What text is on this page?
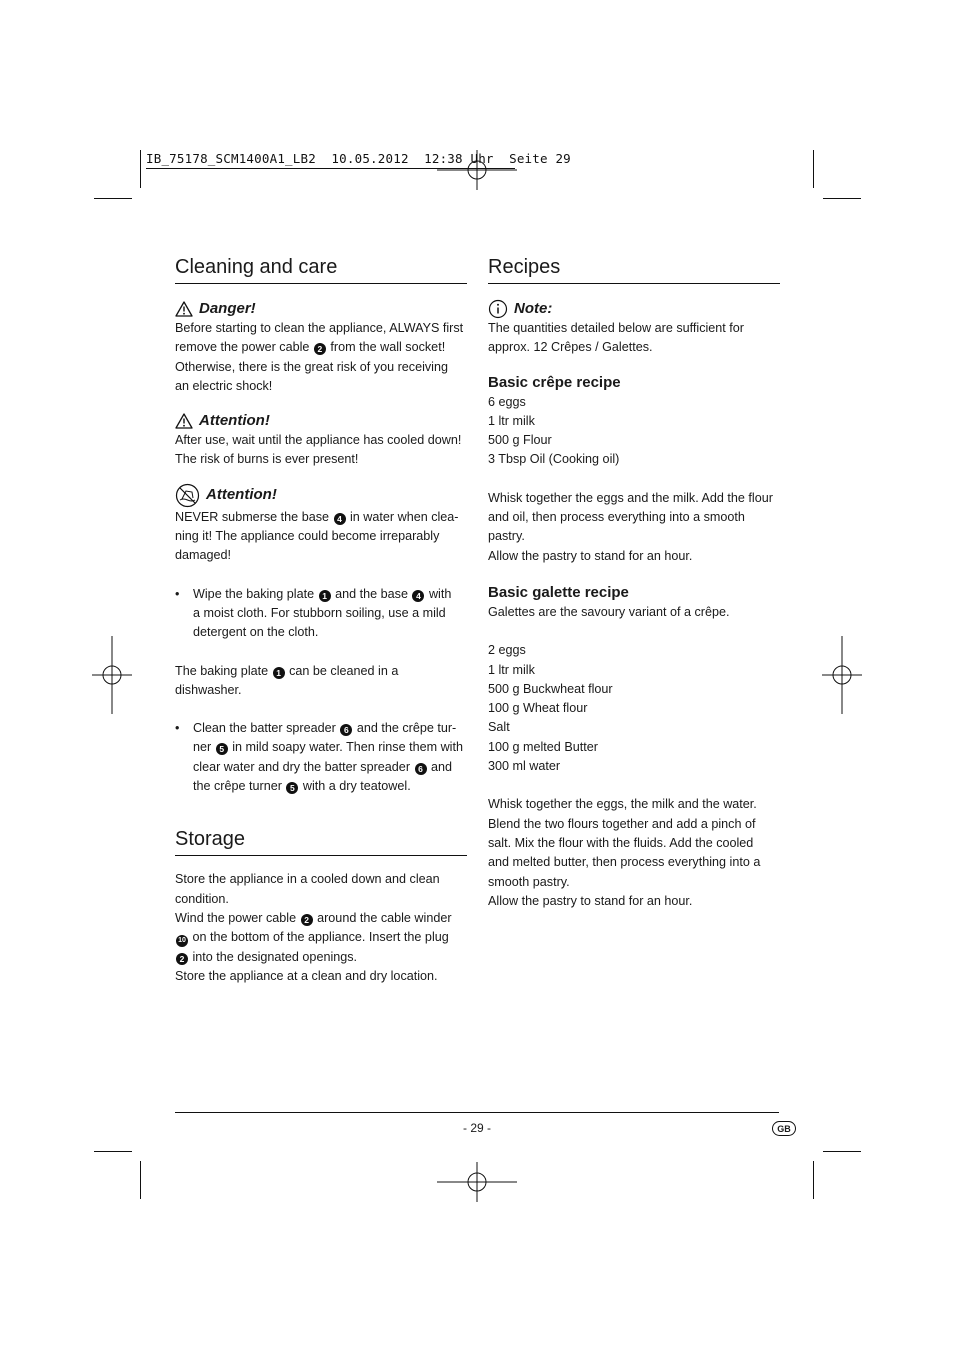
IB_75178_SCM1400A1_LB2  10.05.2012  12:38 Uhr  Seite 29
Cleaning and care

Danger!

Before starting to clean the appliance, ALWAYS first
remove the power cable 2 from the wall socket!
Otherwise, there is the great risk of you receiving
an electric shock!

Attention!

After use, wait until the appliance has cooled down!
The risk of burns is ever present!

Attention!

NEVER submerse the base 4 in water when clea-
ning it! The appliance could become irreparably
damaged!

•	Wipe the baking plate 1 and the base 4 with
a moist cloth. For stubborn soiling, use a mild
detergent on the cloth.

The baking plate 1 can be cleaned in a dishwasher.

•	Clean the batter spreader 6 and the crêpe tur-
ner 5 in mild soapy water. Then rinse them with
clear water and dry the batter spreader 6 and
the crêpe turner 5 with a dry teatowel.
Storage

Store the appliance in a cooled down and clean
condition.
Wind the power cable 2 around the cable winder
10 on the bottom of the appliance. Insert the plug
2 into the designated openings.
Store the appliance at a clean and dry location.

Recipes

Note:

The quantities detailed below are sufficient for
approx. 12 Crêpes / Galettes.

Basic crêpe recipe

6 eggs
1 ltr milk
500 g Flour
3 Tbsp Oil (Cooking oil)

Whisk together the eggs and the milk. Add the flour
and oil, then process everything into a smooth pastry.
Allow the pastry to stand for an hour.

Basic galette recipe

Galettes are the savoury variant of a crêpe.

2 eggs
1 ltr milk
500 g Buckwheat flour
100 g Wheat flour
Salt
100 g melted Butter
300 ml water

Whisk together the eggs, the milk and the water.
Blend the two flours together and add a pinch of
salt. Mix the flour with the fluids. Add the cooled
and melted butter, then process everything into a
smooth pastry.
Allow the pastry to stand for an hour.

- 29 -	GB
